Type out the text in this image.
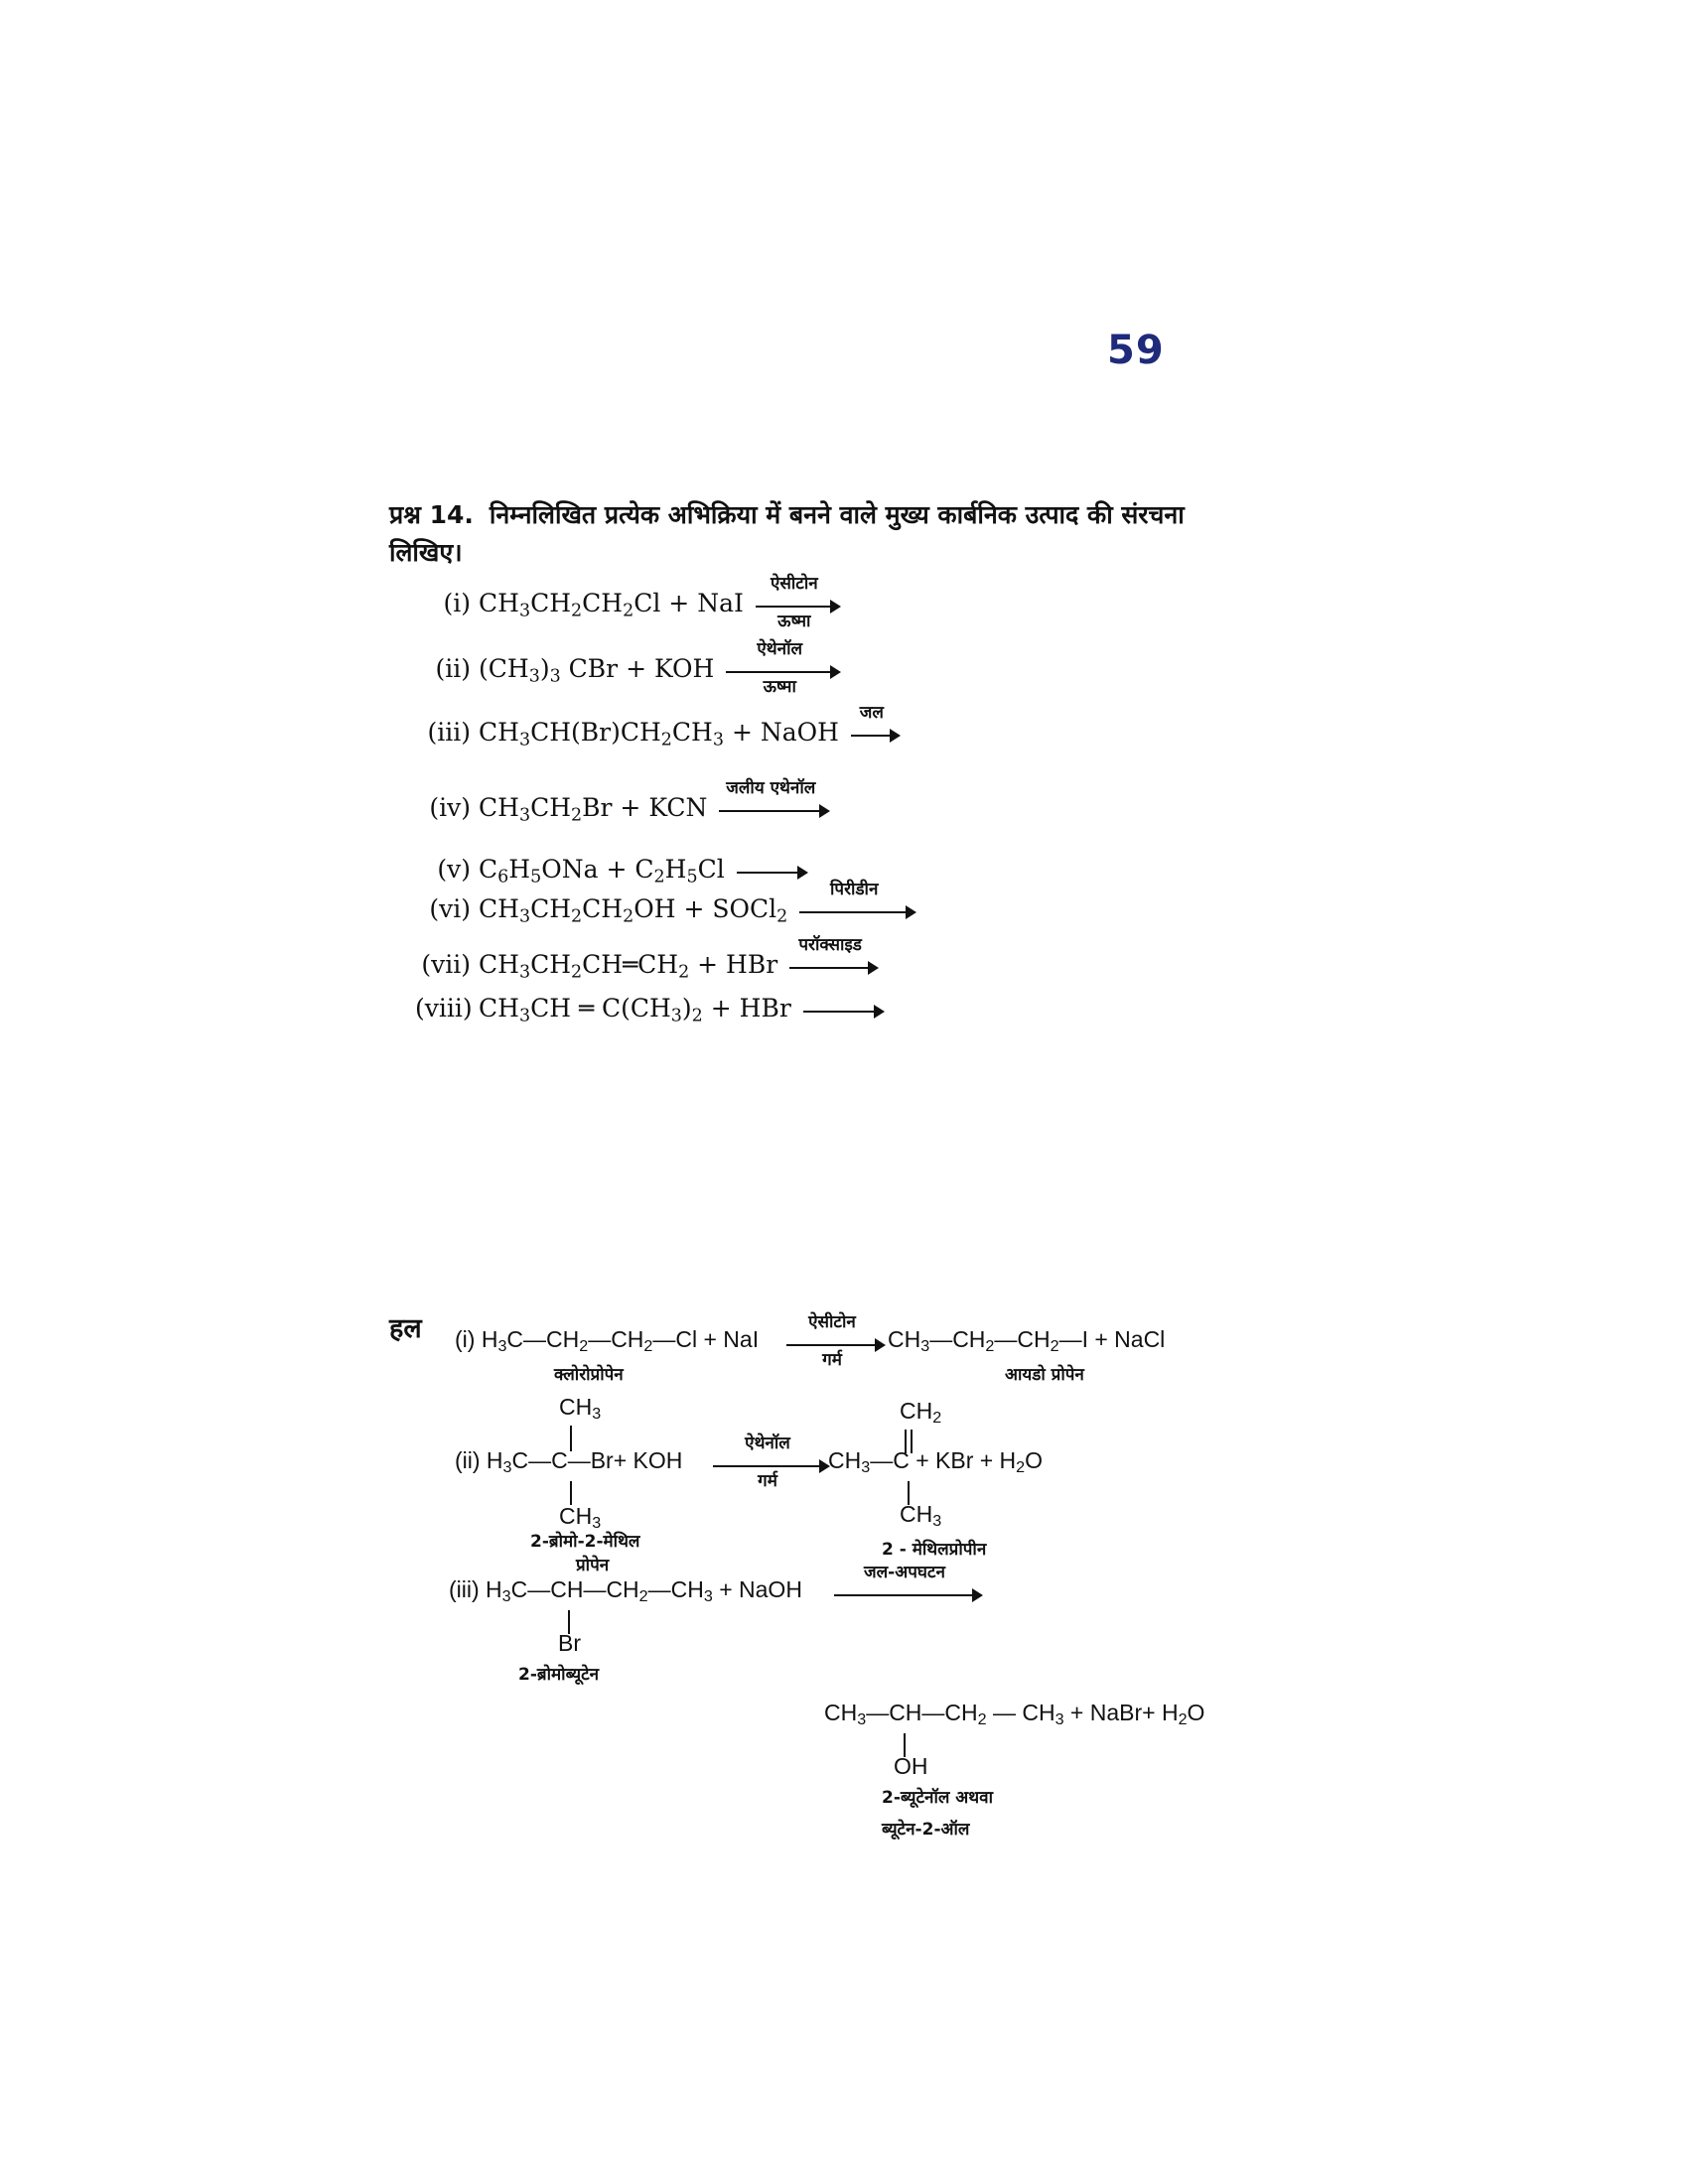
59
प्रश्न 14. निम्नलिखित प्रत्येक अभिक्रिया में बनने वाले मुख्य कार्बनिक उत्पाद की संरचना लिखिए।
(i) $CH_3CH_2CH_2Cl$ + NaI
ऐसीटोन
ऊष्मा
(ii) $(CH_3)_3$ CBr + KOH
ऐथेनॉल
ऊष्मा
(iii) $CH_3CH(Br)CH_2CH_3$ + NaOH
जल
(iv) $CH_3CH_2Br$ + KCN
जलीय एथेनॉल
(v) $C_6H_5ONa + C_2H_5Cl$
(vi) $CH_3CH_2CH_2OH$ + SOCl$_2$
पिरीडीन
(vii) $CH_3CH_2CH═CH_2$ + HBr
परॉक्साइड
(viii) $CH_3CH$ ═ $C(CH_3)_2$ + HBr
हल (i) $H_3C—CH_2—CH_2—Cl$ + NaI
ऐसीटोन
गर्म
$CH_3—CH_2—CH_2—I$ + NaCl
क्लोरोप्रोपेन	आयडो प्रोपेन
$CH_3$
(ii) $H_3C—C—Br+$ KOH
$CH_3$
ऐथेनॉल
गर्म
$CH_2$
$CH_3—C$ + KBr + $H_2O$
$CH_3$
2-ब्रोमो-2-मेथिल
प्रोपेन
2 - मेथिलप्रोपीन
(iii) $H_3C—CH—CH_2—CH_3$ + NaOH
Br
जल-अपघटन
2-ब्रोमोब्यूटेन
$CH_3—CH—CH_2$ — $CH_3$ + NaBr+ $H_2O$
OH
2-ब्यूटेनॉल अथवा
ब्यूटेन-2-ऑल
